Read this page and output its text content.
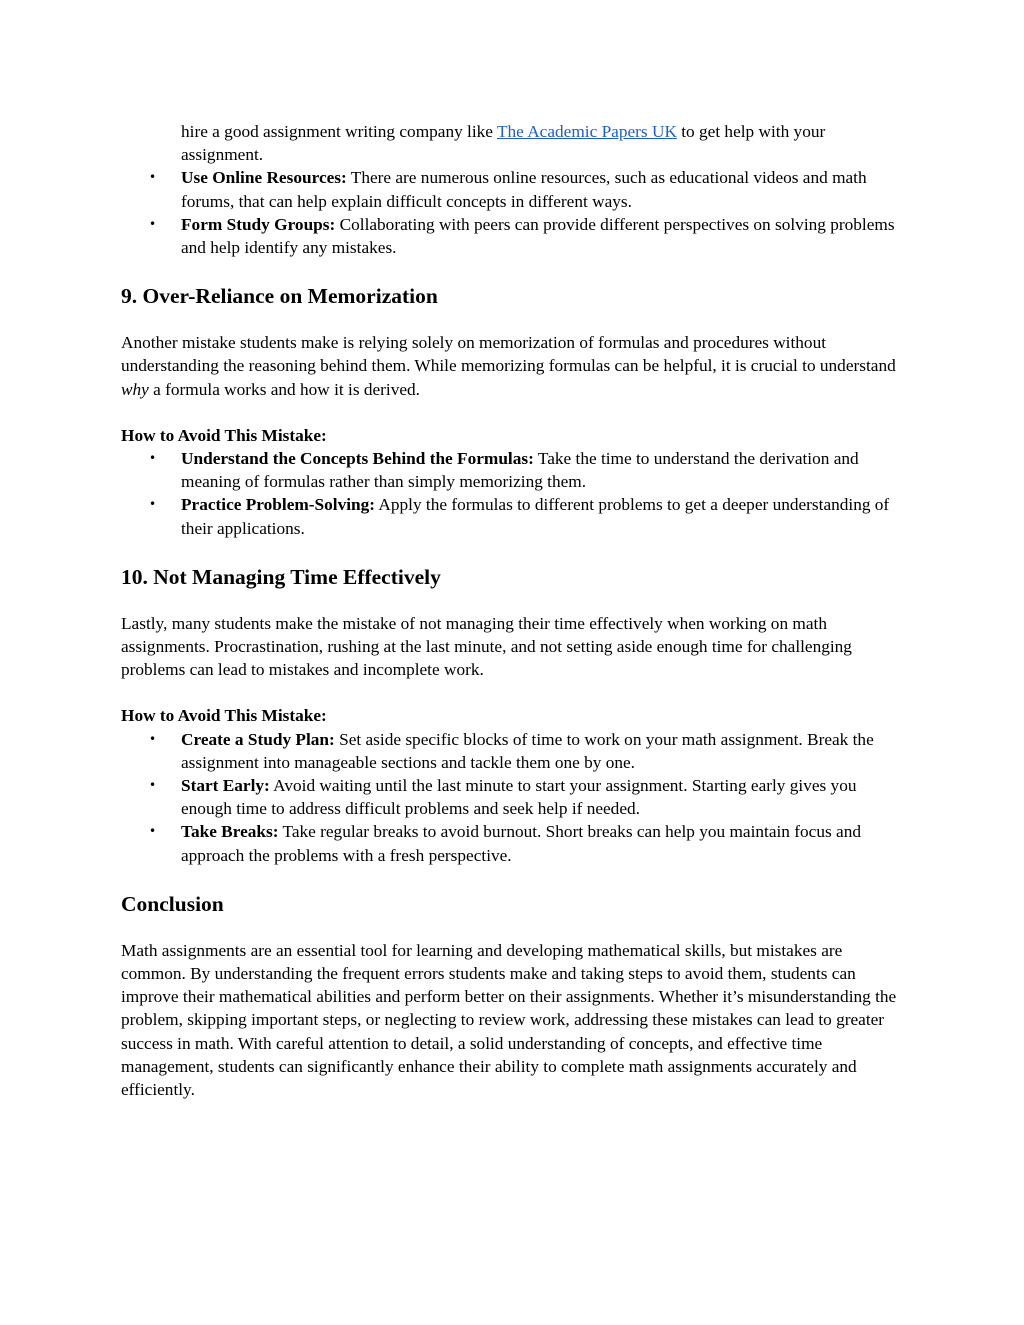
hire a good assignment writing company like The Academic Papers UK to get help with your assignment.

• Use Online Resources: There are numerous online resources, such as educational videos and math forums, that can help explain difficult concepts in different ways.
• Form Study Groups: Collaborating with peers can provide different perspectives on solving problems and help identify any mistakes.
9. Over-Reliance on Memorization

Another mistake students make is relying solely on memorization of formulas and procedures without understanding the reasoning behind them. While memorizing formulas can be helpful, it is crucial to understand why a formula works and how it is derived.

How to Avoid This Mistake:

• Understand the Concepts Behind the Formulas: Take the time to understand the derivation and meaning of formulas rather than simply memorizing them.
• Practice Problem-Solving: Apply the formulas to different problems to get a deeper understanding of their applications.
10. Not Managing Time Effectively

Lastly, many students make the mistake of not managing their time effectively when working on math assignments. Procrastination, rushing at the last minute, and not setting aside enough time for challenging problems can lead to mistakes and incomplete work.

How to Avoid This Mistake:

• Create a Study Plan: Set aside specific blocks of time to work on your math assignment. Break the assignment into manageable sections and tackle them one by one.
• Start Early: Avoid waiting until the last minute to start your assignment. Starting early gives you enough time to address difficult problems and seek help if needed.
• Take Breaks: Take regular breaks to avoid burnout. Short breaks can help you maintain focus and approach the problems with a fresh perspective.
Conclusion

Math assignments are an essential tool for learning and developing mathematical skills, but mistakes are common. By understanding the frequent errors students make and taking steps to avoid them, students can improve their mathematical abilities and perform better on their assignments. Whether it’s misunderstanding the problem, skipping important steps, or neglecting to review work, addressing these mistakes can lead to greater success in math. With careful attention to detail, a solid understanding of concepts, and effective time management, students can significantly enhance their ability to complete math assignments accurately and efficiently.
